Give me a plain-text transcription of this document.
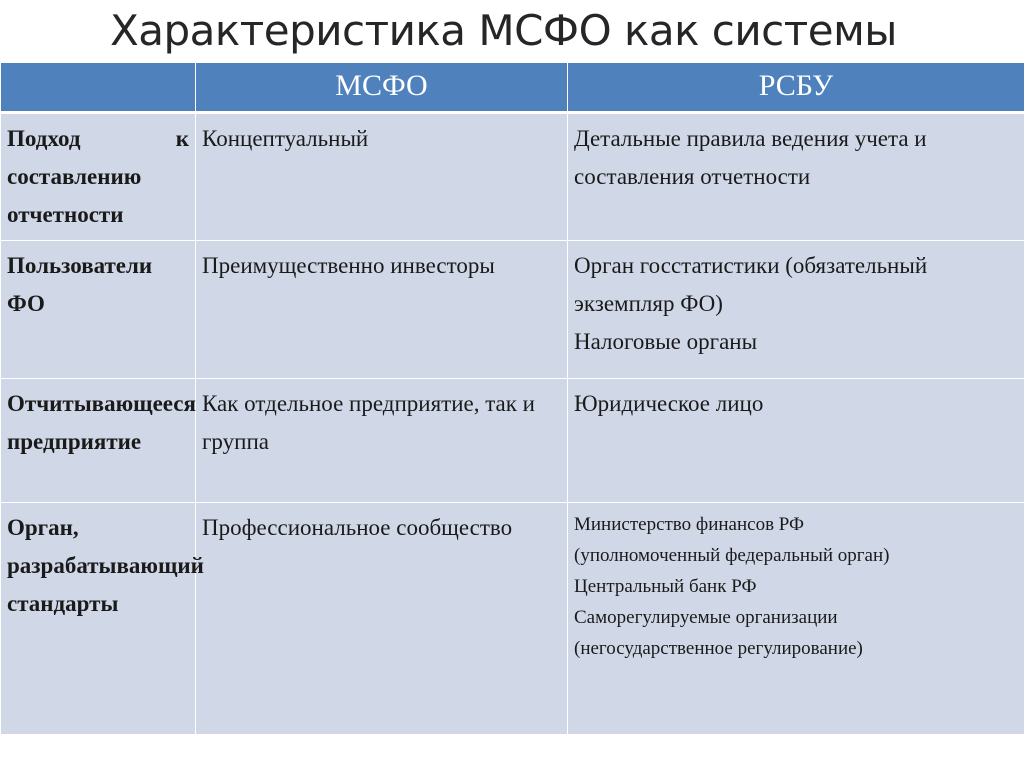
Характеристика МСФО как системы
	МСФО	РСБУ
Подход к составлению отчетности	Концептуальный	Детальные правила ведения учета и составления отчетности

Пользователи ФО	Преимущественно инвесторы	Орган госстатистики (обязательный экземпляр ФО)
Налоговые органы

Отчитывающееся предприятие	Как отдельное предприятие, так и группа	Юридическое лицо

Орган, разрабатывающий стандарты	Профессиональное сообщество	Министерство финансов РФ
(уполномоченный федеральный орган)
Центральный банк РФ
Саморегулируемые организации
(негосударственное регулирование)
